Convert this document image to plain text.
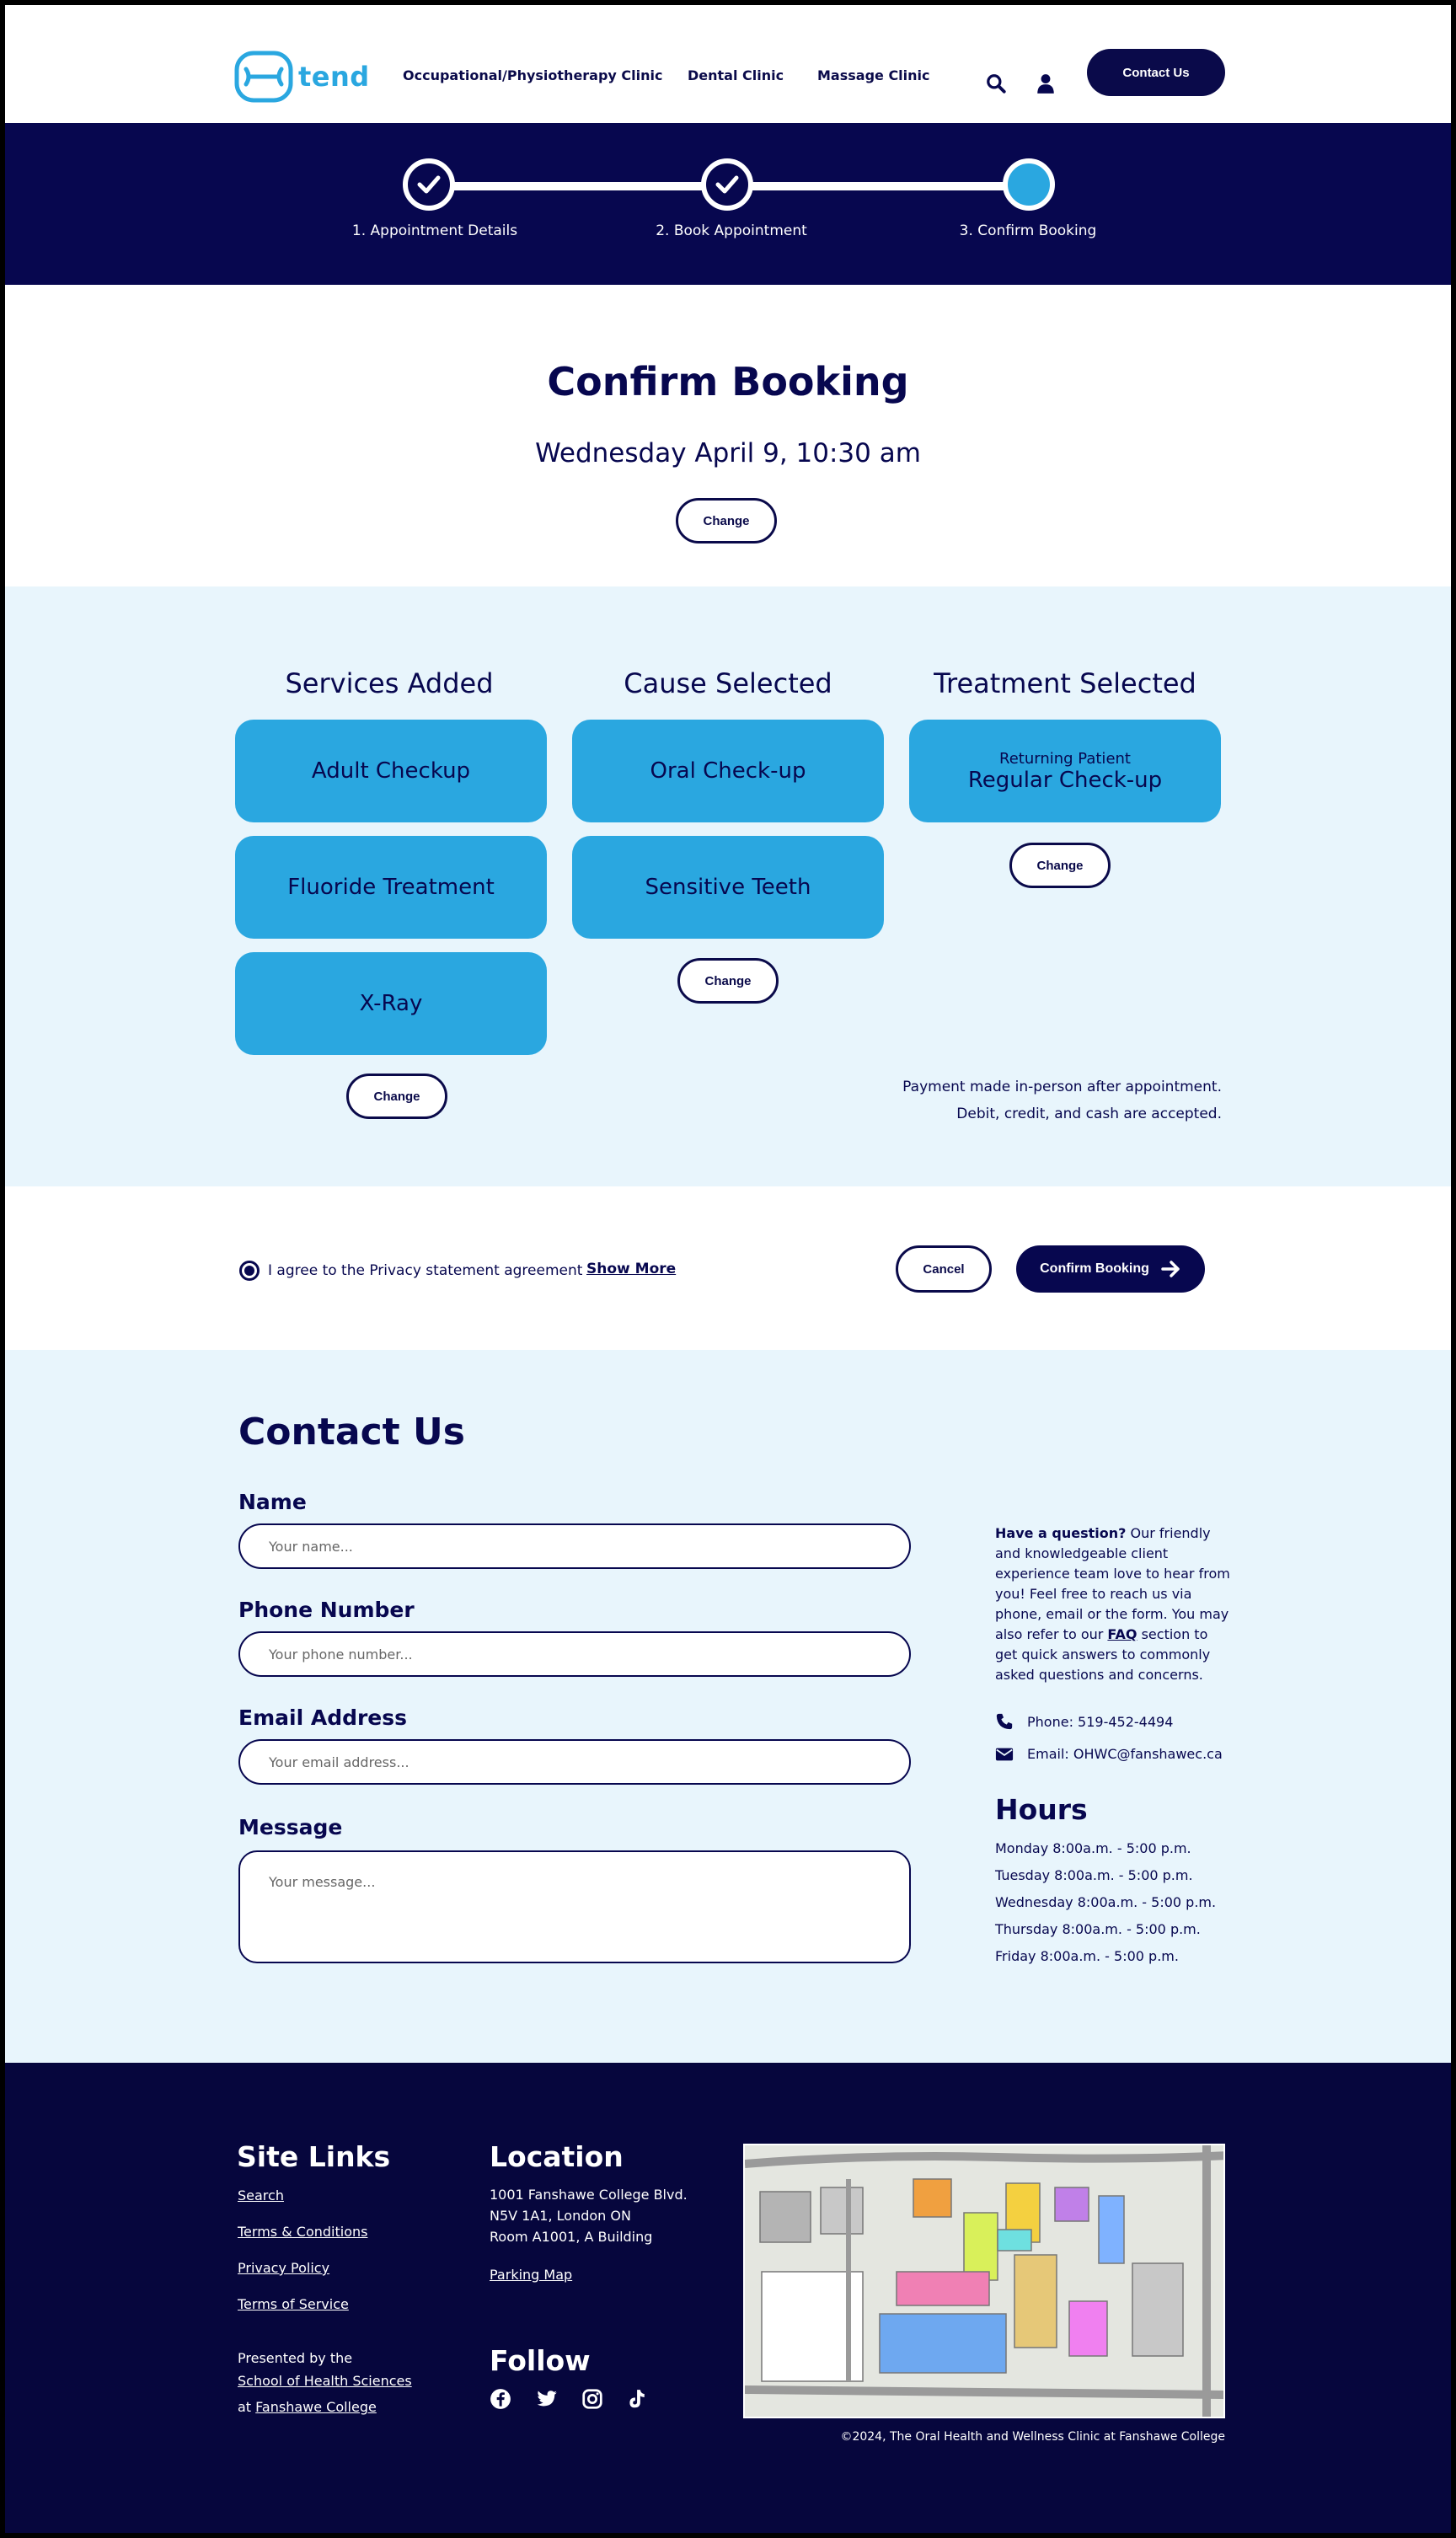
tend Occupational/Physiotherapy Clinic Dental Clinic Massage Clinic	Contact Us
1. Appointment Details	2. Book Appointment	3. Confirm Booking
Confirm Booking
Wednesday April 9, 10:30 am
Change
Services Added	Cause Selected	Treatment Selected
Adult Checkup
Fluoride Treatment
X-Ray
Change
Oral Check-up
Sensitive Teeth
Change
Returning Patient
Regular Check-up
Change
Payment made in-person after appointment.
Debit, credit, and cash are accepted.
I agree to the Privacy statement agreement Show More	Cancel	Confirm Booking
Contact Us
Name
Your name...
Phone Number
Your phone number...
Email Address
Your email address...
Message
Your message...
Have a question? Our friendly and knowledgeable client experience team love to hear from you! Feel free to reach us via phone, email or the form. You may also refer to our FAQ section to get quick answers to commonly asked questions and concerns.
Phone: 519-452-4494
Email: OHWC@fanshawec.ca
Hours
Monday 8:00a.m. - 5:00 p.m.
Tuesday 8:00a.m. - 5:00 p.m.
Wednesday 8:00a.m. - 5:00 p.m.
Thursday 8:00a.m. - 5:00 p.m.
Friday 8:00a.m. - 5:00 p.m.
Site Links
Search
Terms & Conditions
Privacy Policy
Terms of Service
Presented by the
School of Health Sciences
at Fanshawe College
Location
1001 Fanshawe College Blvd.
N5V 1A1, London ON
Room A1001, A Building
Parking Map
Follow
©2024, The Oral Health and Wellness Clinic at Fanshawe College
